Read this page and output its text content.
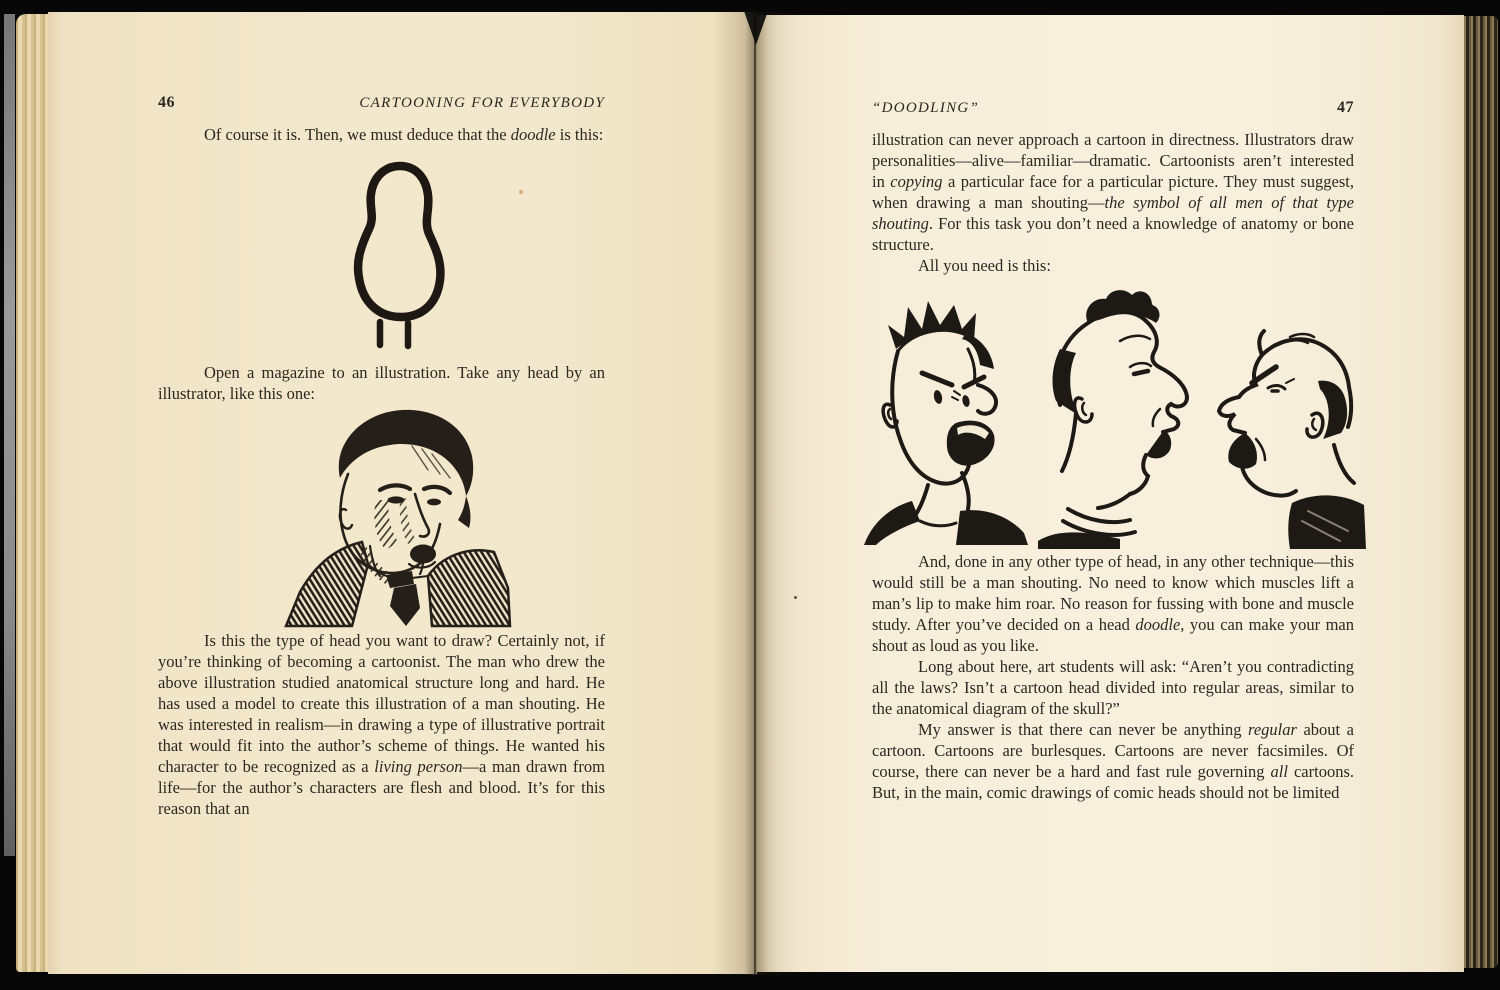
46	CARTOONING FOR EVERYBODY

Of course it is. Then, we must deduce that the doodle is this:

Open a magazine to an illustration. Take any head by an illustrator, like this one:

Is this the type of head you want to draw? Certainly not, if you’re thinking of becoming a cartoonist. The man who drew the above illustration studied anatomical structure long and hard. He has used a model to create this illustration of a man shouting. He was interested in realism—in drawing a type of illustrative portrait that would fit into the author’s scheme of things. He wanted his character to be recognized as a living person—a man drawn from life—for the author’s characters are flesh and blood. It’s for this reason that an

“DOODLING”	47

illustration can never approach a cartoon in directness. Illustrators draw personalities—alive—familiar—dramatic. Cartoonists aren’t interested in copying a particular face for a particular picture. They must suggest, when drawing a man shouting—the symbol of all men of that type shouting. For this task you don’t need a knowledge of anatomy or bone structure.

All you need is this:

And, done in any other type of head, in any other technique—this would still be a man shouting. No need to know which muscles lift a man’s lip to make him roar. No reason for fussing with bone and muscle study. After you’ve decided on a head doodle, you can make your man shout as loud as you like.

Long about here, art students will ask: “Aren’t you contradicting all the laws? Isn’t a cartoon head divided into regular areas, similar to the anatomical diagram of the skull?”

My answer is that there can never be anything regular about a cartoon. Cartoons are burlesques. Cartoons are never facsimiles. Of course, there can never be a hard and fast rule governing all cartoons. But, in the main, comic drawings of comic heads should not be limited
